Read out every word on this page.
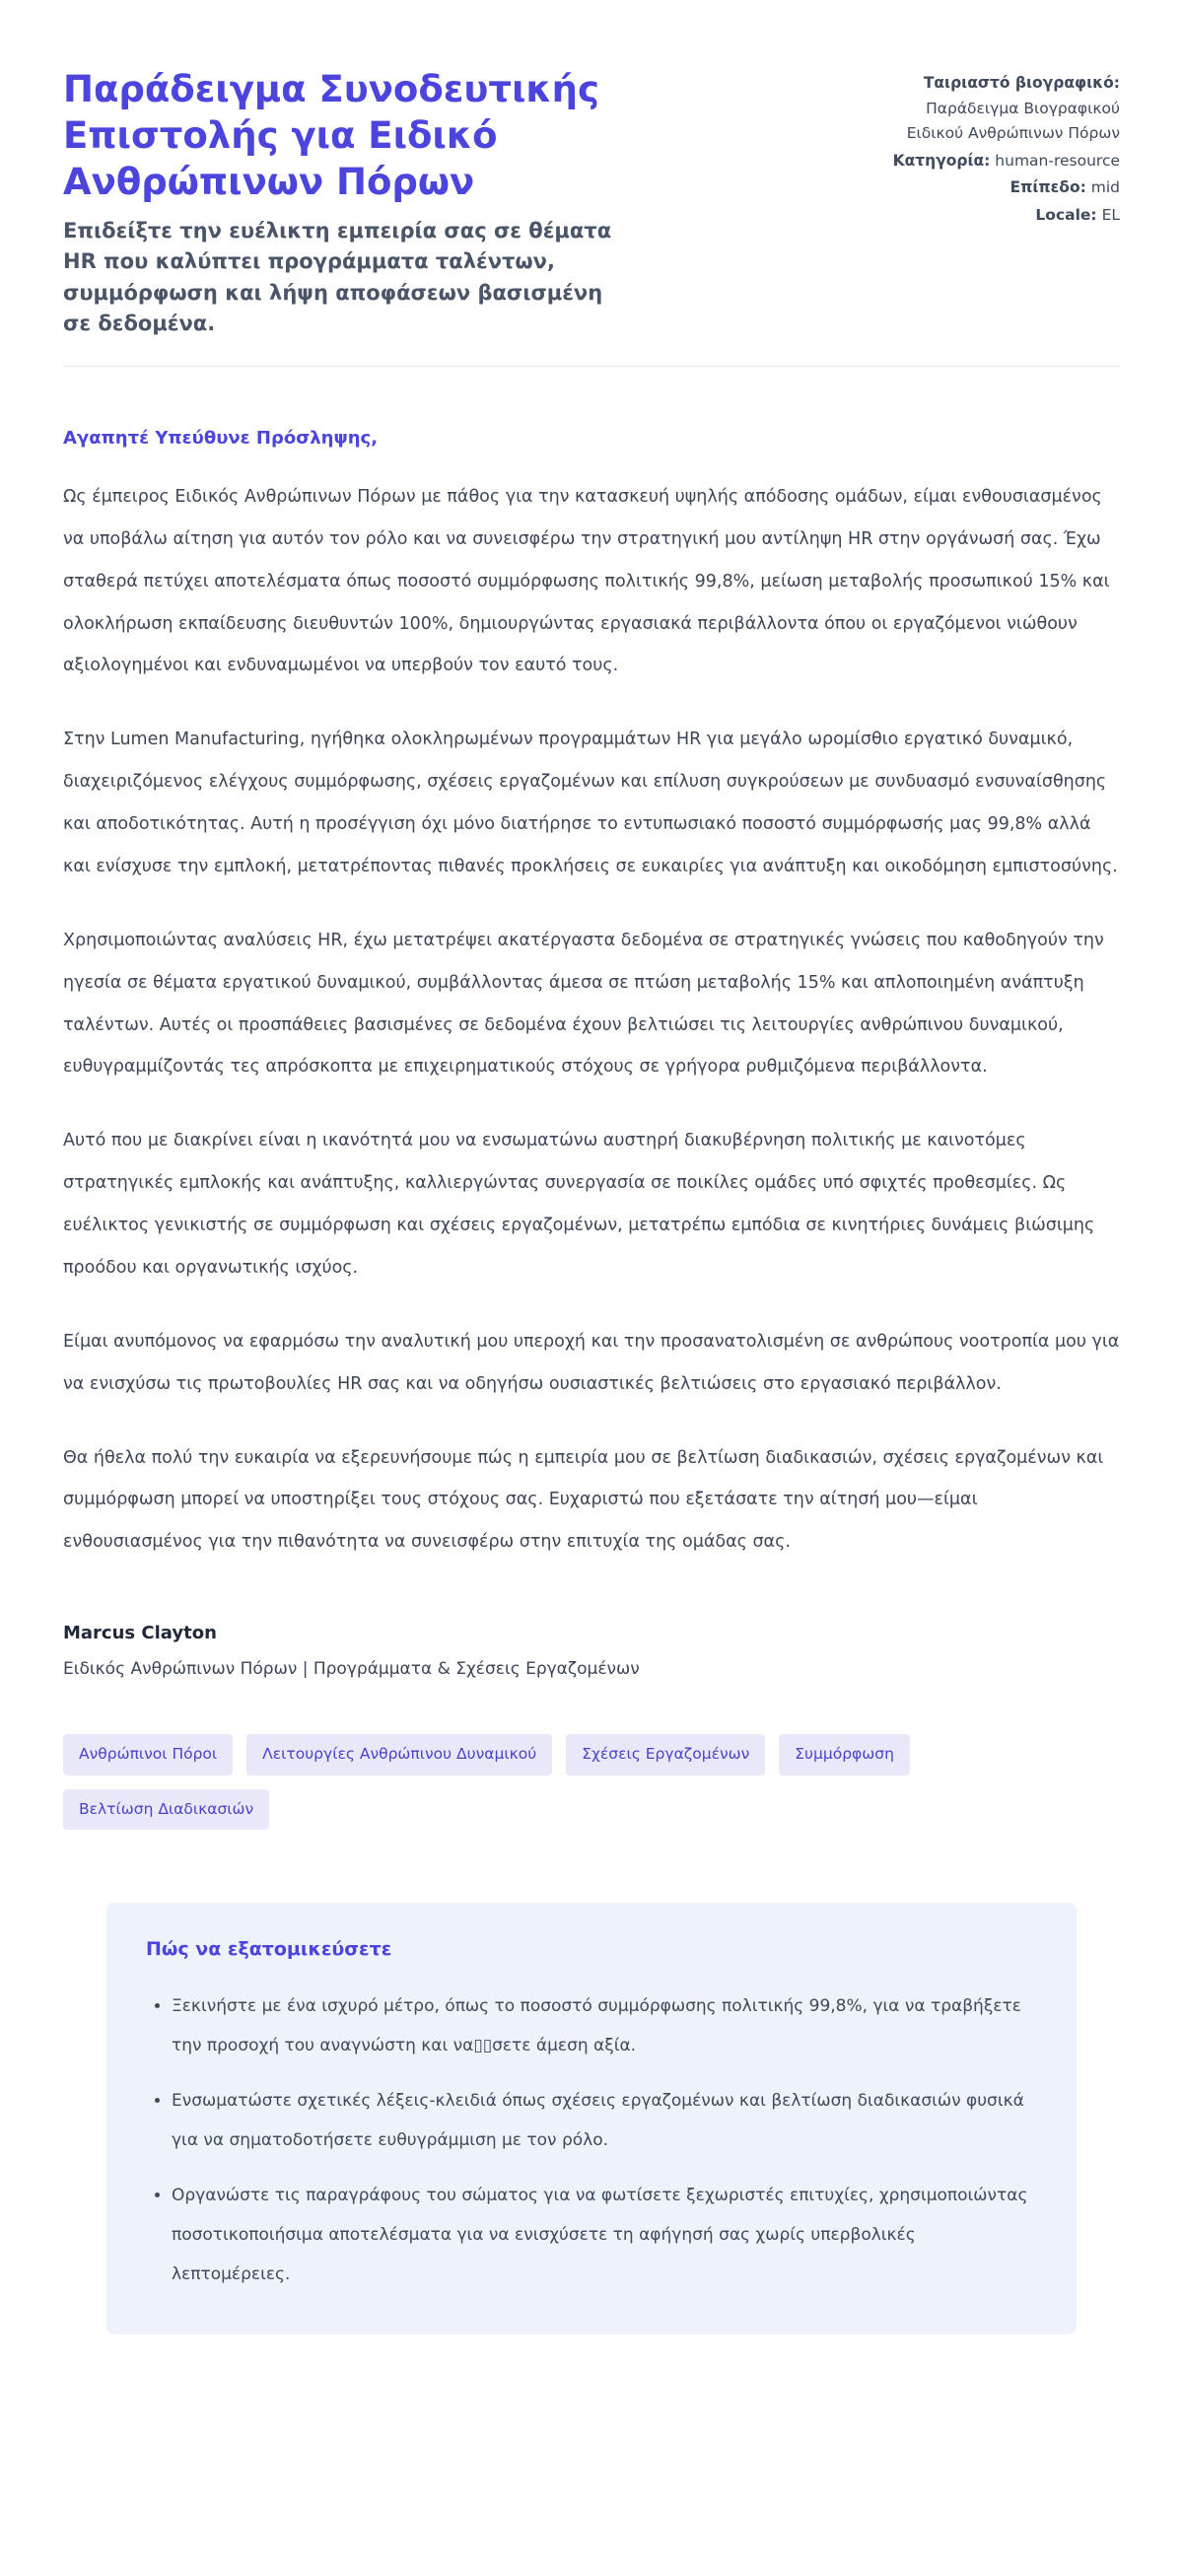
Παράδειγμα Συνοδευτικής Επιστολής για Ειδικό Ανθρώπινων Πόρων

Επιδείξτε την ευέλικτη εμπειρία σας σε θέματα HR που καλύπτει προγράμματα ταλέντων, συμμόρφωση και λήψη αποφάσεων βασισμένη σε δεδομένα.

Ταιριαστό βιογραφικό: Παράδειγμα Βιογραφικού Ειδικού Ανθρώπινων Πόρων
Κατηγορία: human-resource
Επίπεδο: mid
Locale: EL

Αγαπητέ Υπεύθυνε Πρόσληψης,

Ως έμπειρος Ειδικός Ανθρώπινων Πόρων με πάθος για την κατασκευή υψηλής απόδοσης ομάδων, είμαι ενθουσιασμένος να υποβάλω αίτηση για αυτόν τον ρόλο και να συνεισφέρω την στρατηγική μου αντίληψη HR στην οργάνωσή σας. Έχω σταθερά πετύχει αποτελέσματα όπως ποσοστό συμμόρφωσης πολιτικής 99,8%, μείωση μεταβολής προσωπικού 15% και ολοκλήρωση εκπαίδευσης διευθυντών 100%, δημιουργώντας εργασιακά περιβάλλοντα όπου οι εργαζόμενοι νιώθουν αξιολογημένοι και ενδυναμωμένοι να υπερβούν τον εαυτό τους.

Στην Lumen Manufacturing, ηγήθηκα ολοκληρωμένων προγραμμάτων HR για μεγάλο ωρομίσθιο εργατικό δυναμικό, διαχειριζόμενος ελέγχους συμμόρφωσης, σχέσεις εργαζομένων και επίλυση συγκρούσεων με συνδυασμό ενσυναίσθησης και αποδοτικότητας. Αυτή η προσέγγιση όχι μόνο διατήρησε το εντυπωσιακό ποσοστό συμμόρφωσής μας 99,8% αλλά και ενίσχυσε την εμπλοκή, μετατρέποντας πιθανές προκλήσεις σε ευκαιρίες για ανάπτυξη και οικοδόμηση εμπιστοσύνης.

Χρησιμοποιώντας αναλύσεις HR, έχω μετατρέψει ακατέργαστα δεδομένα σε στρατηγικές γνώσεις που καθοδηγούν την ηγεσία σε θέματα εργατικού δυναμικού, συμβάλλοντας άμεσα σε πτώση μεταβολής 15% και απλοποιημένη ανάπτυξη ταλέντων. Αυτές οι προσπάθειες βασισμένες σε δεδομένα έχουν βελτιώσει τις λειτουργίες ανθρώπινου δυναμικού, ευθυγραμμίζοντάς τες απρόσκοπτα με επιχειρηματικούς στόχους σε γρήγορα ρυθμιζόμενα περιβάλλοντα.

Αυτό που με διακρίνει είναι η ικανότητά μου να ενσωματώνω αυστηρή διακυβέρνηση πολιτικής με καινοτόμες στρατηγικές εμπλοκής και ανάπτυξης, καλλιεργώντας συνεργασία σε ποικίλες ομάδες υπό σφιχτές προθεσμίες. Ως ευέλικτος γενικιστής σε συμμόρφωση και σχέσεις εργαζομένων, μετατρέπω εμπόδια σε κινητήριες δυνάμεις βιώσιμης προόδου και οργανωτικής ισχύος.

Είμαι ανυπόμονος να εφαρμόσω την αναλυτική μου υπεροχή και την προσανατολισμένη σε ανθρώπους νοοτροπία μου για να ενισχύσω τις πρωτοβουλίες HR σας και να οδηγήσω ουσιαστικές βελτιώσεις στο εργασιακό περιβάλλον.

Θα ήθελα πολύ την ευκαιρία να εξερευνήσουμε πώς η εμπειρία μου σε βελτίωση διαδικασιών, σχέσεις εργαζομένων και συμμόρφωση μπορεί να υποστηρίξει τους στόχους σας. Ευχαριστώ που εξετάσατε την αίτησή μου—είμαι ενθουσιασμένος για την πιθανότητα να συνεισφέρω στην επιτυχία της ομάδας σας.

Marcus Clayton

Ειδικός Ανθρώπινων Πόρων | Προγράμματα & Σχέσεις Εργαζομένων

Ανθρώπινοι Πόροι	Λειτουργίες Ανθρώπινου Δυναμικού	Σχέσεις Εργαζομένων	Συμμόρφωση
Βελτίωση Διαδικασιών

Πώς να εξατομικεύσετε

• Ξεκινήστε με ένα ισχυρό μέτρο, όπως το ποσοστό συμμόρφωσης πολιτικής 99,8%, για να τραβήξετε την προσοχή του αναγνώστη και να▯▯σετε άμεση αξία.
• Ενσωματώστε σχετικές λέξεις-κλειδιά όπως σχέσεις εργαζομένων και βελτίωση διαδικασιών φυσικά για να σηματοδοτήσετε ευθυγράμμιση με τον ρόλο.
• Οργανώστε τις παραγράφους του σώματος για να φωτίσετε ξεχωριστές επιτυχίες, χρησιμοποιώντας ποσοτικοποιήσιμα αποτελέσματα για να ενισχύσετε τη αφήγησή σας χωρίς υπερβολικές λεπτομέρειες.
